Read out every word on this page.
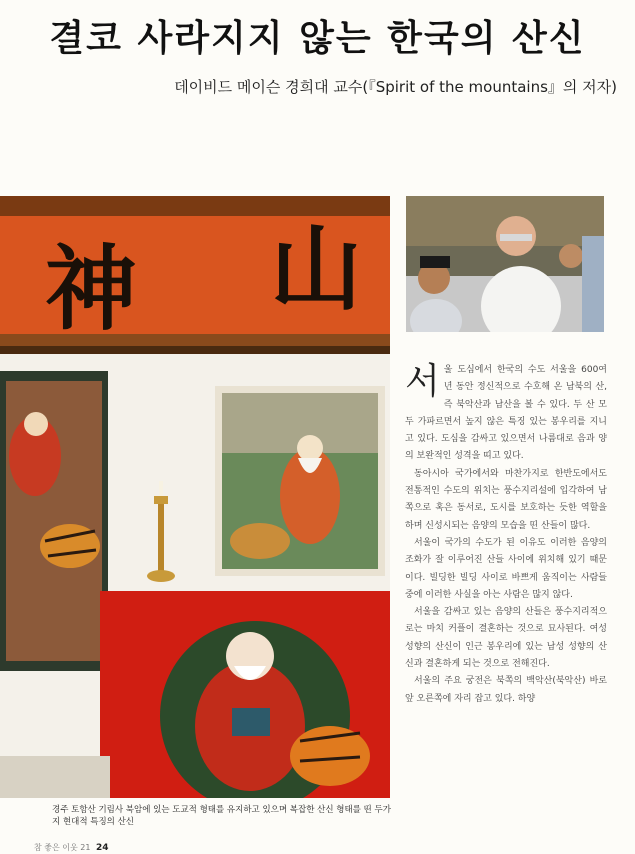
결코 사라지지 않는 한국의 산신
데이비드 메이슨 경희대 교수(『Spirit of the mountains』의 저자)
神 山
경주 토함산 기림사 북암에 있는 도교적 형태를 유지하고 있으며 복잡한 산신 형태를 띤 두가지 현대적 특징의 산신

서울 도심에서 한국의 수도 서울을 600여 년 동안 정신적으로 수호해 온 남북의 산, 즉 북악산과 남산을 볼 수 있다. 두 산 모두 가파르면서 높지 않은 특징 있는 봉우리를 지니고 있다. 도심을 감싸고 있으면서 나름대로 음과 양의 보완적인 성격을 띠고 있다.

동아시아 국가에서와 마찬가지로 한반도에서도 전통적인 수도의 위치는 풍수지리설에 입각하여 남쪽으로 혹은 동서로, 도시를 보호하는 듯한 역할을 하며 신성시되는 음양의 모습을 띤 산들이 많다.

서울이 국가의 수도가 된 이유도 이러한 음양의 조화가 잘 이루어진 산들 사이에 위치해 있기 때문이다. 빌딩한 빌딩 사이로 바쁘게 움직이는 사람들 중에 이러한 사실을 아는 사람은 많지 않다.

서울을 감싸고 있는 음양의 산들은 풍수지리적으로는 마치 커플이 결혼하는 것으로 묘사된다. 여성 성향의 산신이 인근 봉우리에 있는 남성 성향의 산신과 결혼하게 되는 것으로 전해진다.

서울의 주요 궁전은 북쪽의 백악산(북악산) 바로 앞 오른쪽에 자리 잡고 있다. 하양

참 좋은 이웃 21 24
